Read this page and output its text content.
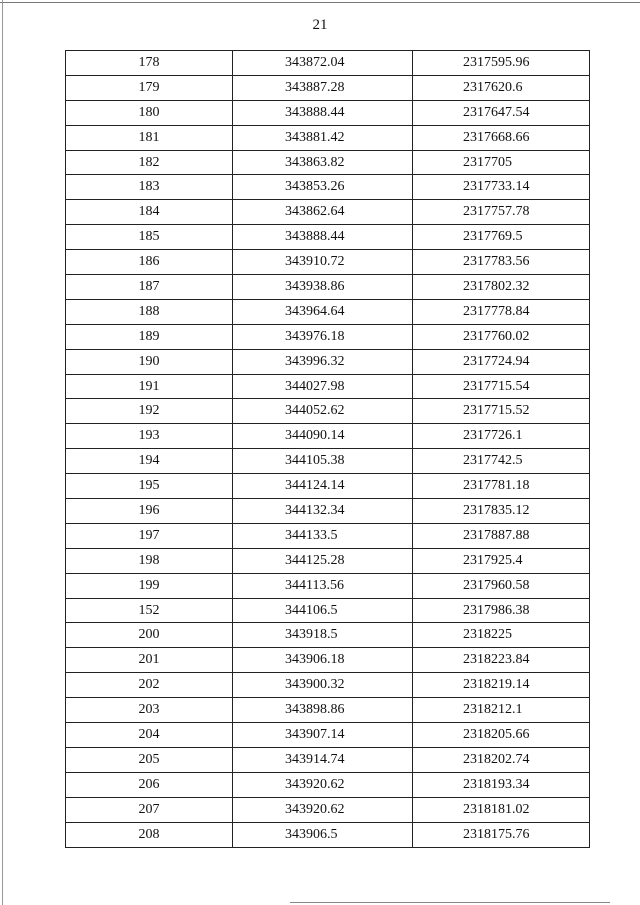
21
178	343872.04	2317595.96
179	343887.28	2317620.6
180	343888.44	2317647.54
181	343881.42	2317668.66
182	343863.82	2317705
183	343853.26	2317733.14
184	343862.64	2317757.78
185	343888.44	2317769.5
186	343910.72	2317783.56
187	343938.86	2317802.32
188	343964.64	2317778.84
189	343976.18	2317760.02
190	343996.32	2317724.94
191	344027.98	2317715.54
192	344052.62	2317715.52
193	344090.14	2317726.1
194	344105.38	2317742.5
195	344124.14	2317781.18
196	344132.34	2317835.12
197	344133.5	2317887.88
198	344125.28	2317925.4
199	344113.56	2317960.58
152	344106.5	2317986.38
200	343918.5	2318225
201	343906.18	2318223.84
202	343900.32	2318219.14
203	343898.86	2318212.1
204	343907.14	2318205.66
205	343914.74	2318202.74
206	343920.62	2318193.34
207	343920.62	2318181.02
208	343906.5	2318175.76
